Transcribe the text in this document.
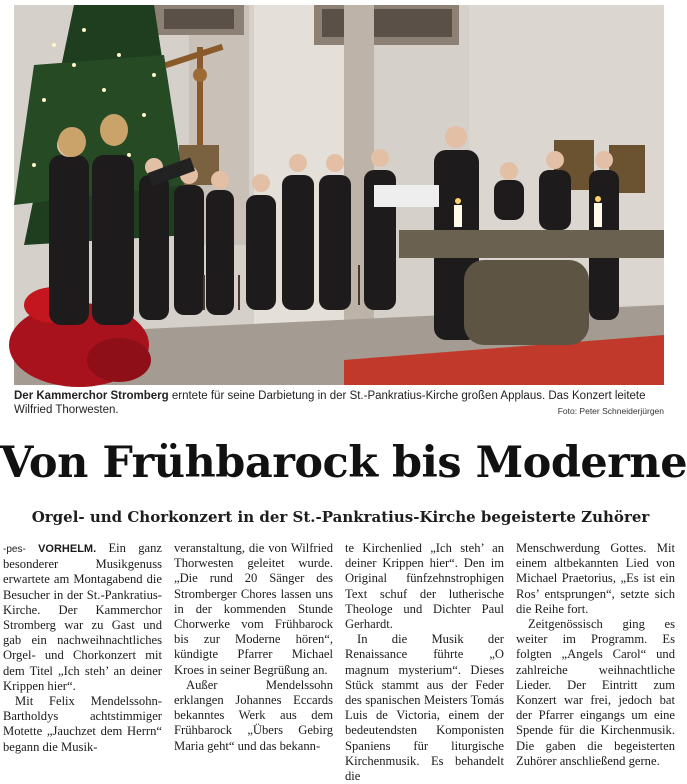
Der Kammerchor Stromberg erntete für seine Darbietung in der St.-Pankratius-Kirche großen Applaus. Das Konzert leitete Wilfried Thorwesten.	Foto: Peter Schneiderjürgen
Von Frühbarock bis Moderne
Orgel- und Chorkonzert in der St.-Pankratius-Kirche begeisterte Zuhörer

-pes- VORHELM. Ein ganz besonderer Musikgenuss erwartete am Montagabend die Besucher in der St.-Pankratius-Kirche. Der Kammerchor Stromberg war zu Gast und gab ein nachweihnachtliches Orgel- und Chorkonzert mit dem Titel „Ich steh’ an deiner Krippen hier“.

Mit Felix Mendelssohn-Bartholdys achtstimmiger Motette „Jauchzet dem Herrn“ begann die Musik-

veranstaltung, die von Wilfried Thorwesten geleitet wurde. „Die rund 20 Sänger des Stromberger Chores lassen uns in der kommenden Stunde Chorwerke vom Frühbarock bis zur Moderne hören“, kündigte Pfarrer Michael Kroes in seiner Begrüßung an.

Außer Mendelssohn erklangen Johannes Eccards bekanntes Werk aus dem Frühbarock „Übers Gebirg Maria geht“ und das bekann-

te Kirchenlied „Ich steh’ an deiner Krippen hier“. Den im Original fünfzehnstrophigen Text schuf der lutherische Theologe und Dichter Paul Gerhardt.

In die Musik der Renaissance führte „O magnum mysterium“. Dieses Stück stammt aus der Feder des spanischen Meisters Tomás Luis de Victoria, einem der bedeutendsten Komponisten Spaniens für liturgische Kirchenmusik. Es behandelt die

Menschwerdung Gottes. Mit einem altbekannten Lied von Michael Praetorius, „Es ist ein Ros’ entsprungen“, setzte sich die Reihe fort.

Zeitgenössisch ging es weiter im Programm. Es folgten „Angels Carol“ und zahlreiche weihnachtliche Lieder. Der Eintritt zum Konzert war frei, jedoch bat der Pfarrer eingangs um eine Spende für die Kirchenmusik. Die gaben die begeisterten Zuhörer anschließend gerne.
